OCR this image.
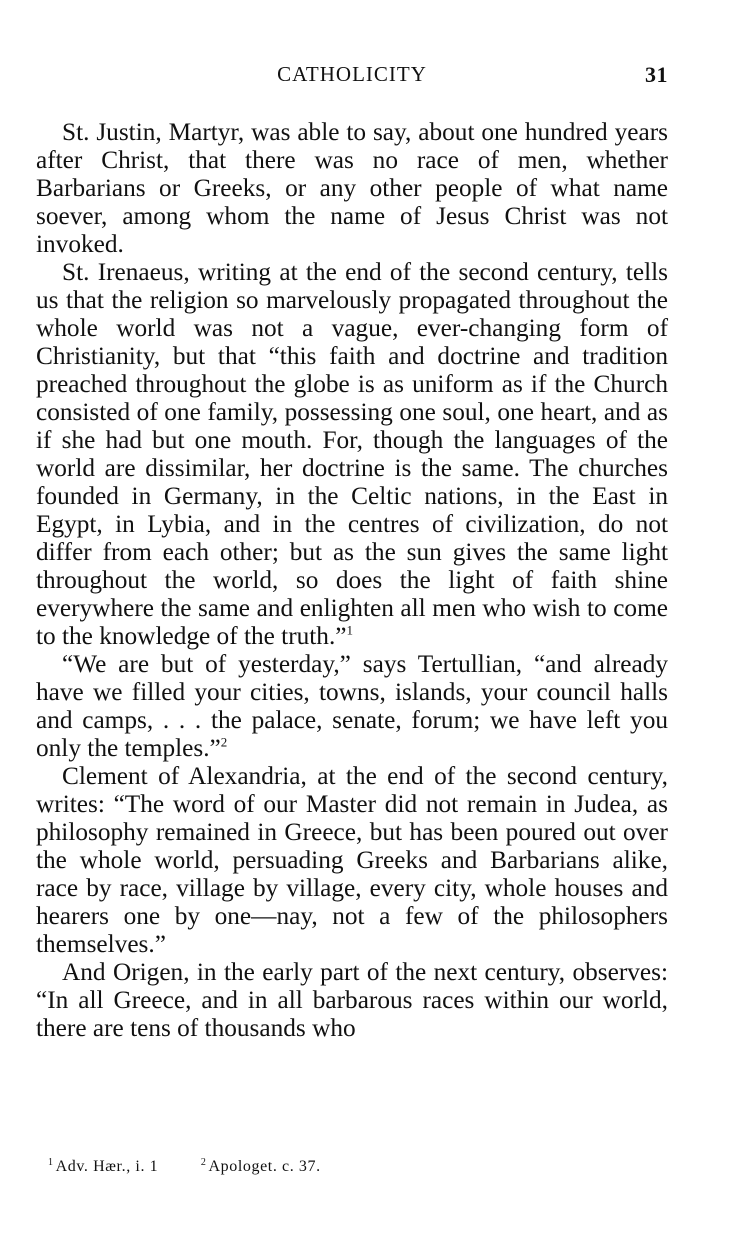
CATHOLICITY	31

St. Justin, Martyr, was able to say, about one hundred years after Christ, that there was no race of men, whether Barbarians or Greeks, or any other people of what name soever, among whom the name of Jesus Christ was not invoked.

St. Irenaeus, writing at the end of the second century, tells us that the religion so marvelously propagated throughout the whole world was not a vague, ever-changing form of Christianity, but that “this faith and doctrine and tradition preached throughout the globe is as uniform as if the Church consisted of one family, possessing one soul, one heart, and as if she had but one mouth. For, though the languages of the world are dissimilar, her doctrine is the same. The churches founded in Germany, in the Celtic nations, in the East in Egypt, in Lybia, and in the centres of civilization, do not differ from each other; but as the sun gives the same light throughout the world, so does the light of faith shine everywhere the same and enlighten all men who wish to come to the knowledge of the truth.”$^1$

“We are but of yesterday,” says Tertullian, “and already have we filled your cities, towns, islands, your council halls and camps, . . . the palace, senate, forum; we have left you only the temples.”$^2$

Clement of Alexandria, at the end of the second century, writes: “The word of our Master did not remain in Judea, as philosophy remained in Greece, but has been poured out over the whole world, persuading Greeks and Barbarians alike, race by race, village by village, every city, whole houses and hearers one by one—nay, not a few of the philosophers themselves.”

And Origen, in the early part of the next century, observes: “In all Greece, and in all barbarous races within our world, there are tens of thousands who

$^1$ Adv. Hær., i. 1	$^2$ Apologet. c. 37.
